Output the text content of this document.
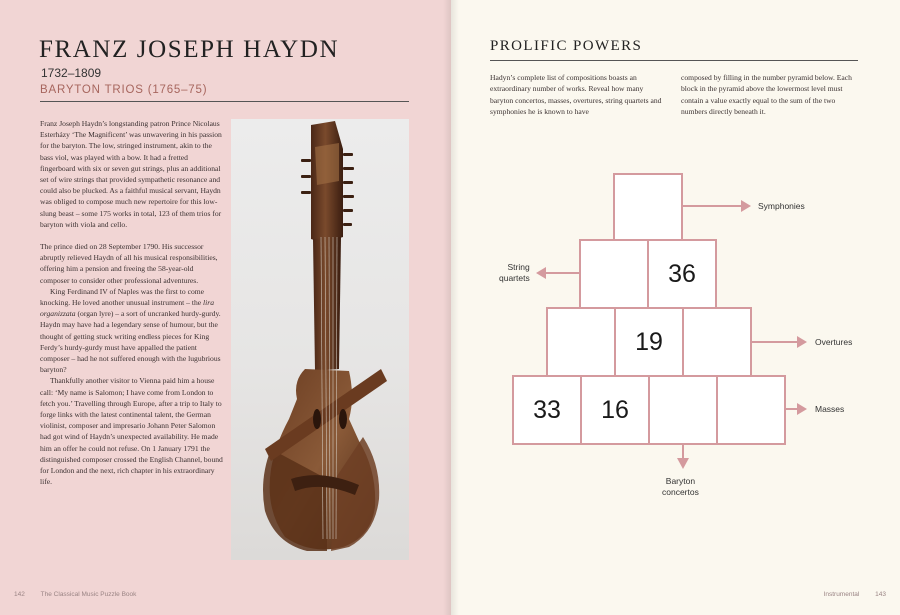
FRANZ JOSEPH HAYDN
1732–1809
BARYTON TRIOS (1765–75)

Franz Joseph Haydn’s longstanding patron Prince Nicolaus Esterházy ‘The Magnificent’ was unwavering in his passion for the baryton. The low, stringed instrument, akin to the bass viol, was played with a bow. It had a fretted fingerboard with six or seven gut strings, plus an additional set of wire strings that provided sympathetic resonance and could also be plucked. As a faithful musical servant, Haydn was obliged to compose much new repertoire for this low-slung beast – some 175 works in total, 123 of them trios for baryton with viola and cello.

The prince died on 28 September 1790. His successor abruptly relieved Haydn of all his musical responsibilities, offering him a pension and freeing the 58-year-old composer to consider other professional adventures.

King Ferdinand IV of Naples was the first to come knocking. He loved another unusual instrument – the lira organizzata (organ lyre) – a sort of uncranked hurdy-gurdy. Haydn may have had a legendary sense of humour, but the thought of getting stuck writing endless pieces for King Ferdy’s hurdy-gurdy must have appalled the patient composer – had he not suffered enough with the lugubrious baryton?

Thankfully another visitor to Vienna paid him a house call: ‘My name is Salomon; I have come from London to fetch you.’ Travelling through Europe, after a trip to Italy to forge links with the latest continental talent, the German violinist, composer and impresario Johann Peter Salomon had got wind of Haydn’s unexpected availability. He made him an offer he could not refuse. On 1 January 1791 the distinguished composer crossed the English Channel, bound for London and the next, rich chapter in his extraordinary life.

142 The Classical Music Puzzle Book
PROLIFIC POWERS
Hadyn’s complete list of compositions boasts an extraordinary number of works. Reveal how many baryton concertos, masses, overtures, string quartets and symphonies he is known to have
composed by filling in the number pyramid below. Each block in the pyramid above the lowermost level must contain a value exactly equal to the sum of the two numbers directly beneath it.
36
19
33	16
Symphonies
String
quartets
Overtures
Masses
Baryton
concertos
Instrumental 143
